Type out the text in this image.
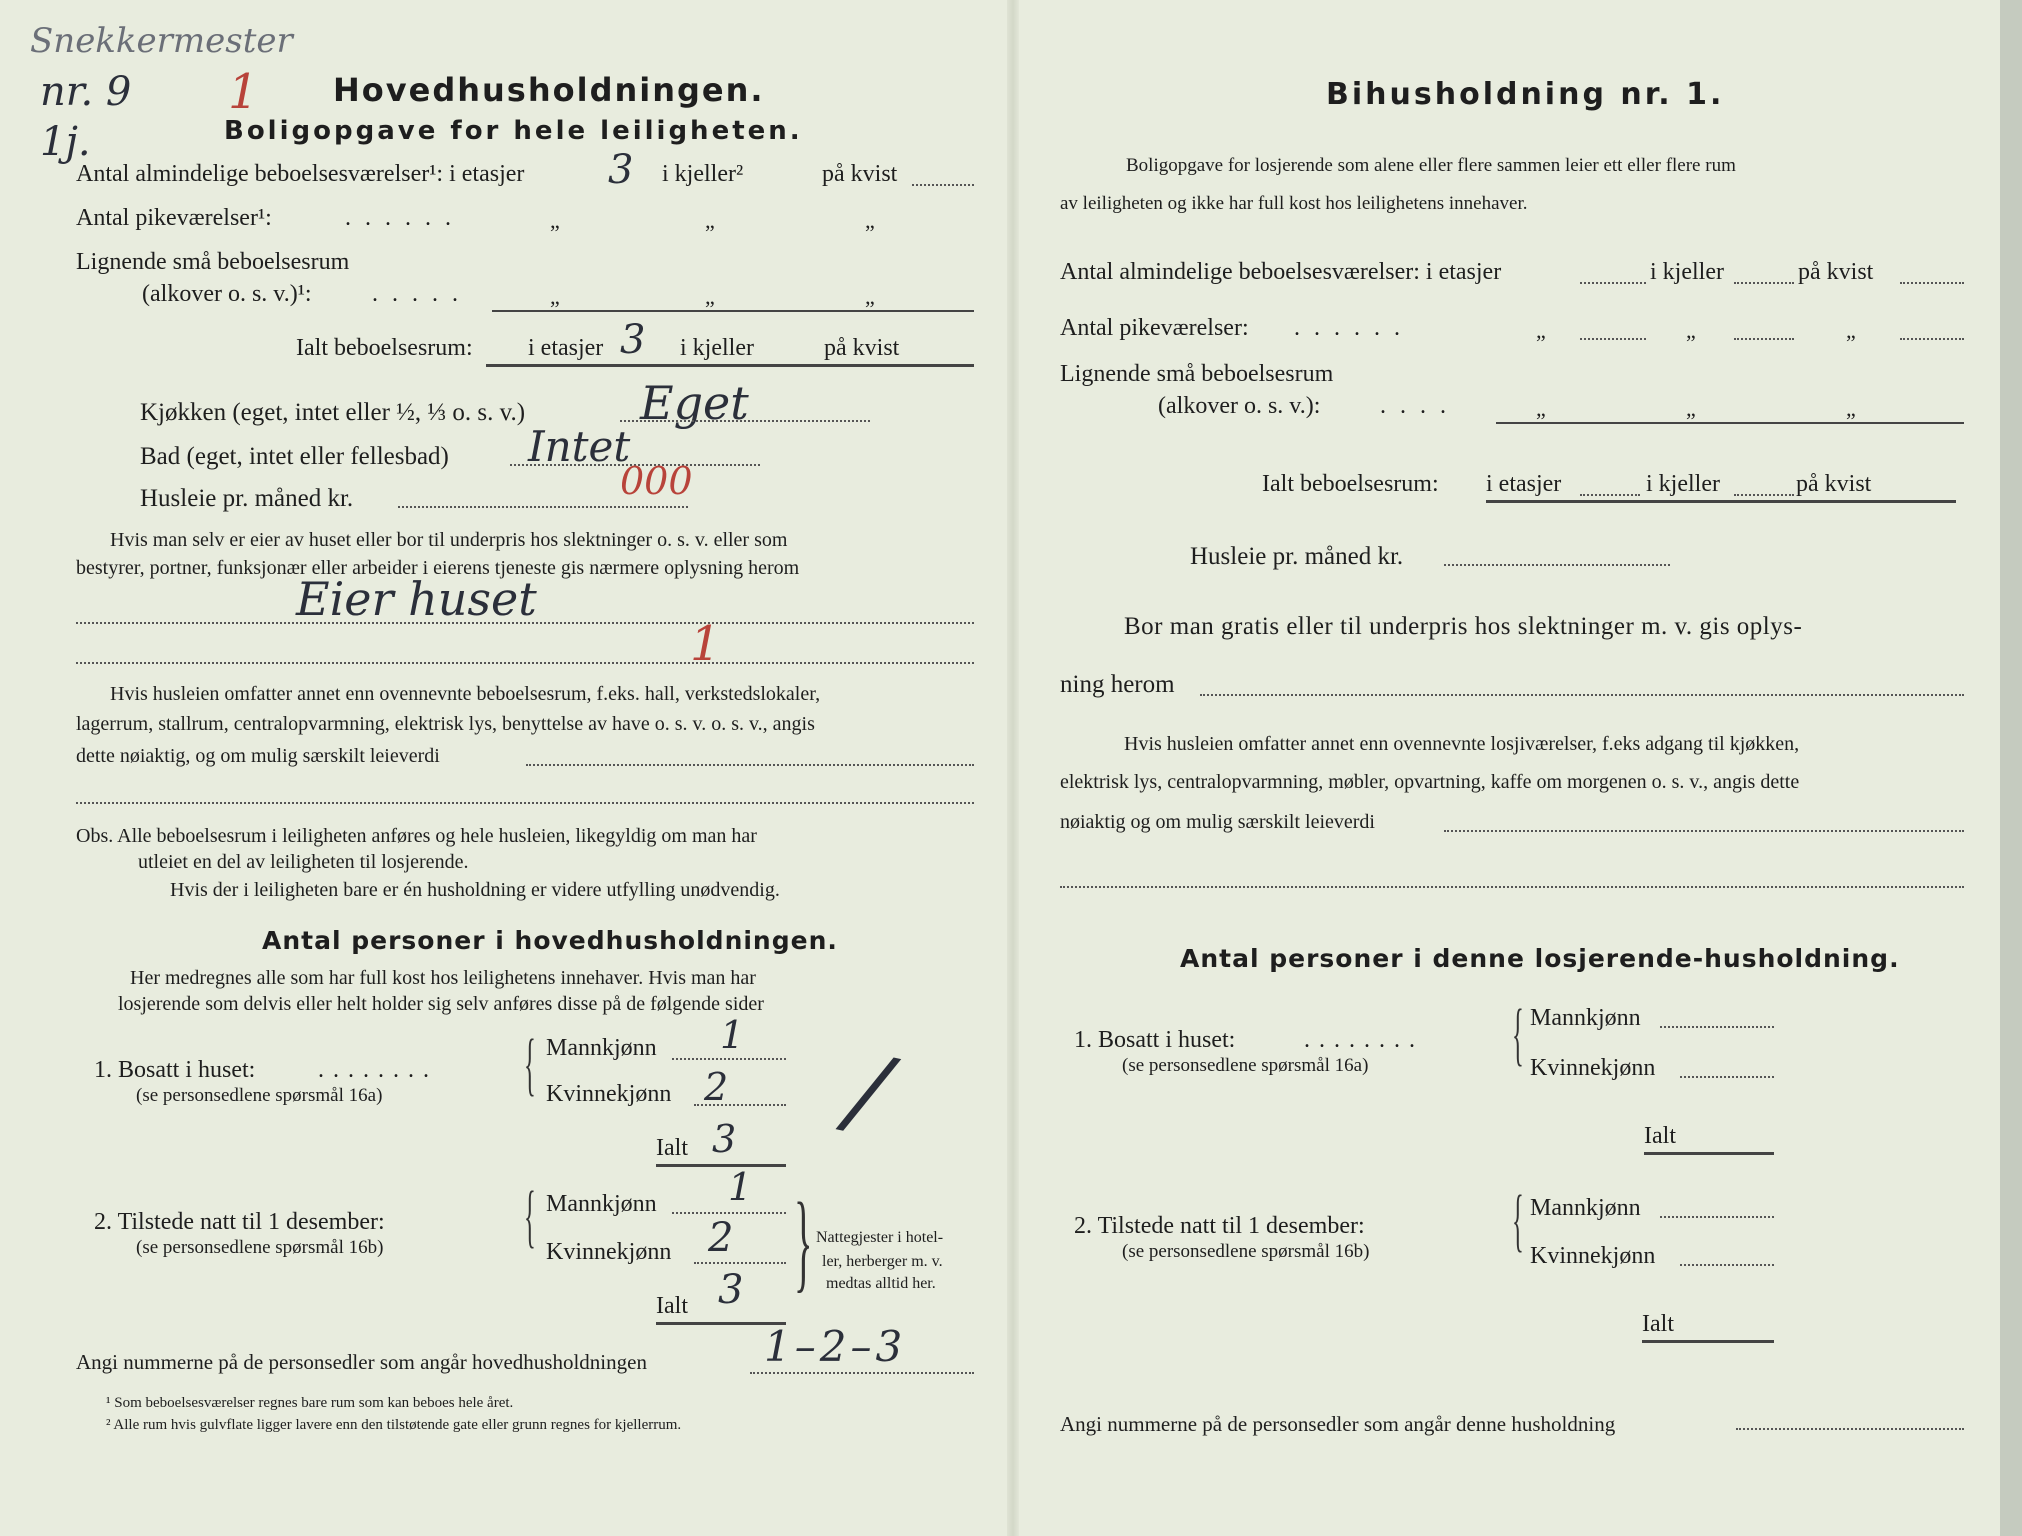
Snekkermester
nr. 9 1
1j.
Hovedhusholdningen.
Boligopgave for hele leiligheten.
Antal almindelige beboelsesværelser¹: i etasjer 3 i kjeller²	på kvist
Antal pikeværelser¹:	......	„	„	„
Lignende små beboelsesrum
(alkover o. s. v.)¹:	.....	„	„	„
Ialt beboelsesrum: i etasjer 3 i kjeller	på kvist
Kjøkken (eget, intet eller ½, ⅓ o. s. v.) Eget
Bad (eget, intet eller fellesbad) Intet
Husleie pr. måned kr.	000
Hvis man selv er eier av huset eller bor til underpris hos slektninger o. s. v. eller som
bestyrer, portner, funksjonær eller arbeider i eierens tjeneste gis nærmere oplysning herom
Eier huset
1
Hvis husleien omfatter annet enn ovennevnte beboelsesrum, f.eks. hall, verkstedslokaler,
lagerrum, stallrum, centralopvarmning, elektrisk lys, benyttelse av have o. s. v. o. s. v., angis
dette nøiaktig, og om mulig særskilt leieverdi
Obs. Alle beboelsesrum i leiligheten anføres og hele husleien, likegyldig om man har
utleiet en del av leiligheten til losjerende.
Hvis der i leiligheten bare er én husholdning er videre utfylling unødvendig.
Antal personer i hovedhusholdningen.
Her medregnes alle som har full kost hos leilighetens innehaver. Hvis man har
losjerende som delvis eller helt holder sig selv anføres disse på de følgende sider
1. Bosatt i huset:	........
(se personsedlene spørsmål 16a) { Mannkjønn 1
Kvinnekjønn 2
Ialt 3 /
2. Tilstede natt til 1 desember:
(se personsedlene spørsmål 16b) { Mannkjønn 1
Kvinnekjønn 2
Ialt 3 } Nattegjester i hotel-
ler, herberger m. v.
medtas alltid her.
Angi nummerne på de personsedler som angår hovedhusholdningen	1–2–3
¹ Som beboelsesværelser regnes bare rum som kan beboes hele året.
² Alle rum hvis gulvflate ligger lavere enn den tilstøtende gate eller grunn regnes for kjellerrum.
Bihusholdning nr. 1.
Boligopgave for losjerende som alene eller flere sammen leier ett eller flere rum
av leiligheten og ikke har full kost hos leilighetens innehaver.
Antal almindelige beboelsesværelser: i etasjer	i kjeller	på kvist
Antal pikeværelser: ......	„	„	„
Lignende små beboelsesrum
(alkover o. s. v.): ....	„	„	„
Ialt beboelsesrum: i etasjer	i kjeller	på kvist
Husleie pr. måned kr.
Bor man gratis eller til underpris hos slektninger m. v. gis oplys-
ning herom
Hvis husleien omfatter annet enn ovennevnte losjiværelser, f.eks adgang til kjøkken,
elektrisk lys, centralopvarmning, møbler, opvartning, kaffe om morgenen o. s. v., angis dette
nøiaktig og om mulig særskilt leieverdi
Antal personer i denne losjerende-husholdning.
1. Bosatt i huset:	........
(se personsedlene spørsmål 16a) { Mannkjønn
Kvinnekjønn
Ialt
2. Tilstede natt til 1 desember:
(se personsedlene spørsmål 16b) { Mannkjønn
Kvinnekjønn
Ialt
Angi nummerne på de personsedler som angår denne husholdning
